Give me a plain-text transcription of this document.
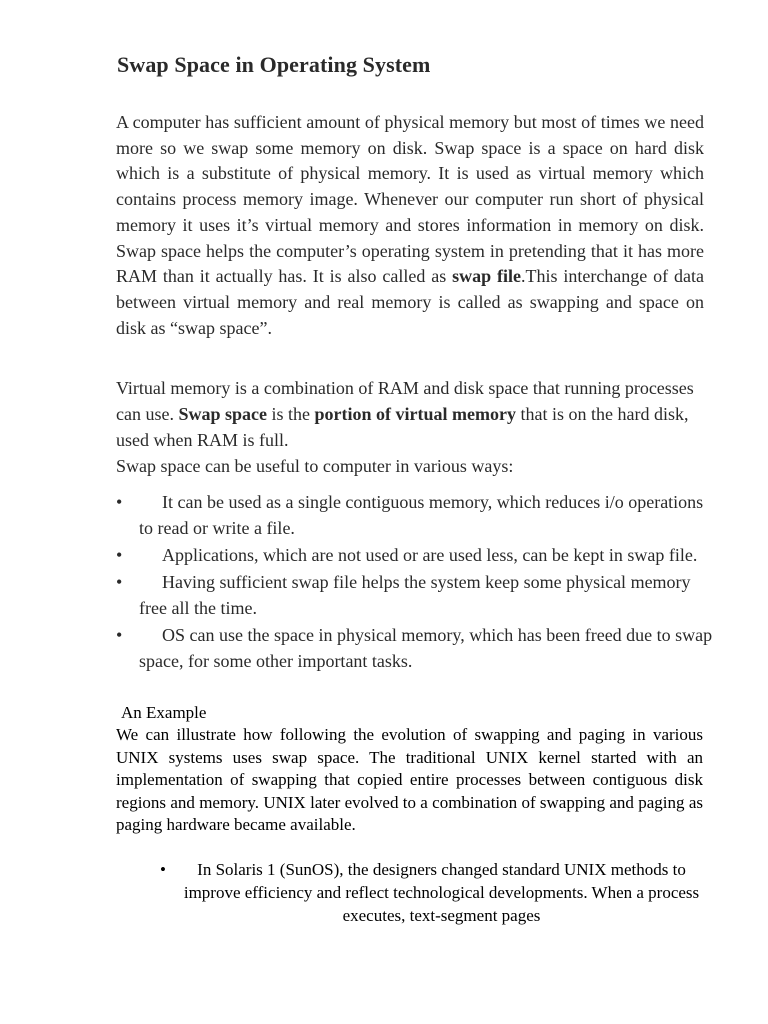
Swap Space in Operating System

A computer has sufficient amount of physical memory but most of times we need more so we swap some memory on disk. Swap space is a space on hard disk which is a substitute of physical memory. It is used as virtual memory which contains process memory image. Whenever our computer run short of physical memory it uses it’s virtual memory and stores information in memory on disk. Swap space helps the computer’s operating system in pretending that it has more RAM than it actually has. It is also called as swap file.This interchange of data between virtual memory and real memory is called as swapping and space on disk as “swap space”.

Virtual memory is a combination of RAM and disk space that running processes can use. Swap space is the portion of virtual memory that is on the hard disk, used when RAM is full.
Swap space can be useful to computer in various ways:

• It can be used as a single contiguous memory, which reduces i/o operations to read or write a file.
• Applications, which are not used or are used less, can be kept in swap file.
• Having sufficient swap file helps the system keep some physical memory free all the time.
• OS can use the space in physical memory, which has been freed due to swap space, for some other important tasks.

An Example

We can illustrate how following the evolution of swapping and paging in various UNIX systems uses swap space. The traditional UNIX kernel started with an implementation of swapping that copied entire processes between contiguous disk regions and memory. UNIX later evolved to a combination of swapping and paging as paging hardware became available.

• In Solaris 1 (SunOS), the designers changed standard UNIX methods to improve efficiency and reflect technological developments. When a process executes, text-segment pages
